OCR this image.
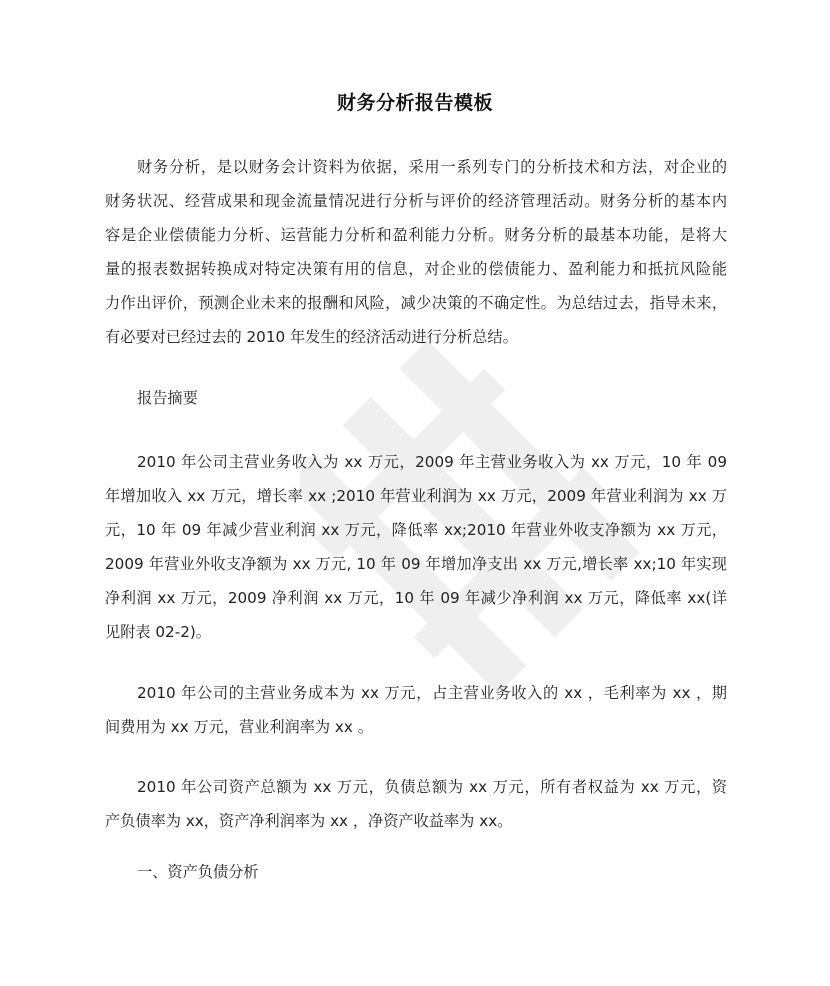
财务分析报告模板
财务分析，是以财务会计资料为依据，采用一系列专门的分析技术和方法，对企业的
财务状况、经营成果和现金流量情况进行分析与评价的经济管理活动。财务分析的基本内
容是企业偿债能力分析、运营能力分析和盈利能力分析。财务分析的最基本功能，是将大
量的报表数据转换成对特定决策有用的信息，对企业的偿债能力、盈利能力和抵抗风险能
力作出评价，预测企业未来的报酬和风险，减少决策的不确定性。为总结过去，指导未来，
有必要对已经过去的 2010 年发生的经济活动进行分析总结。
报告摘要
2010 年公司主营业务收入为 xx 万元，2009 年主营业务收入为 xx 万元，10 年 09
年增加收入 xx 万元，增长率 xx ;2010 年营业利润为 xx 万元，2009 年营业利润为 xx 万
元，10 年 09 年减少营业利润 xx 万元，降低率 xx;2010 年营业外收支净额为 xx 万元，
2009 年营业外收支净额为 xx 万元, 10 年 09 年增加净支出 xx 万元,增长率 xx;10 年实现
净利润 xx 万元，2009 净利润 xx 万元，10 年 09 年减少净利润 xx 万元，降低率 xx(详
见附表 02-2)。
2010 年公司的主营业务成本为 xx 万元，占主营业务收入的 xx ，毛利率为 xx ，期
间费用为 xx 万元，营业利润率为 xx 。
2010 年公司资产总额为 xx 万元，负债总额为 xx 万元，所有者权益为 xx 万元，资
产负债率为 xx，资产净利润率为 xx ，净资产收益率为 xx。
一、资产负债分析
